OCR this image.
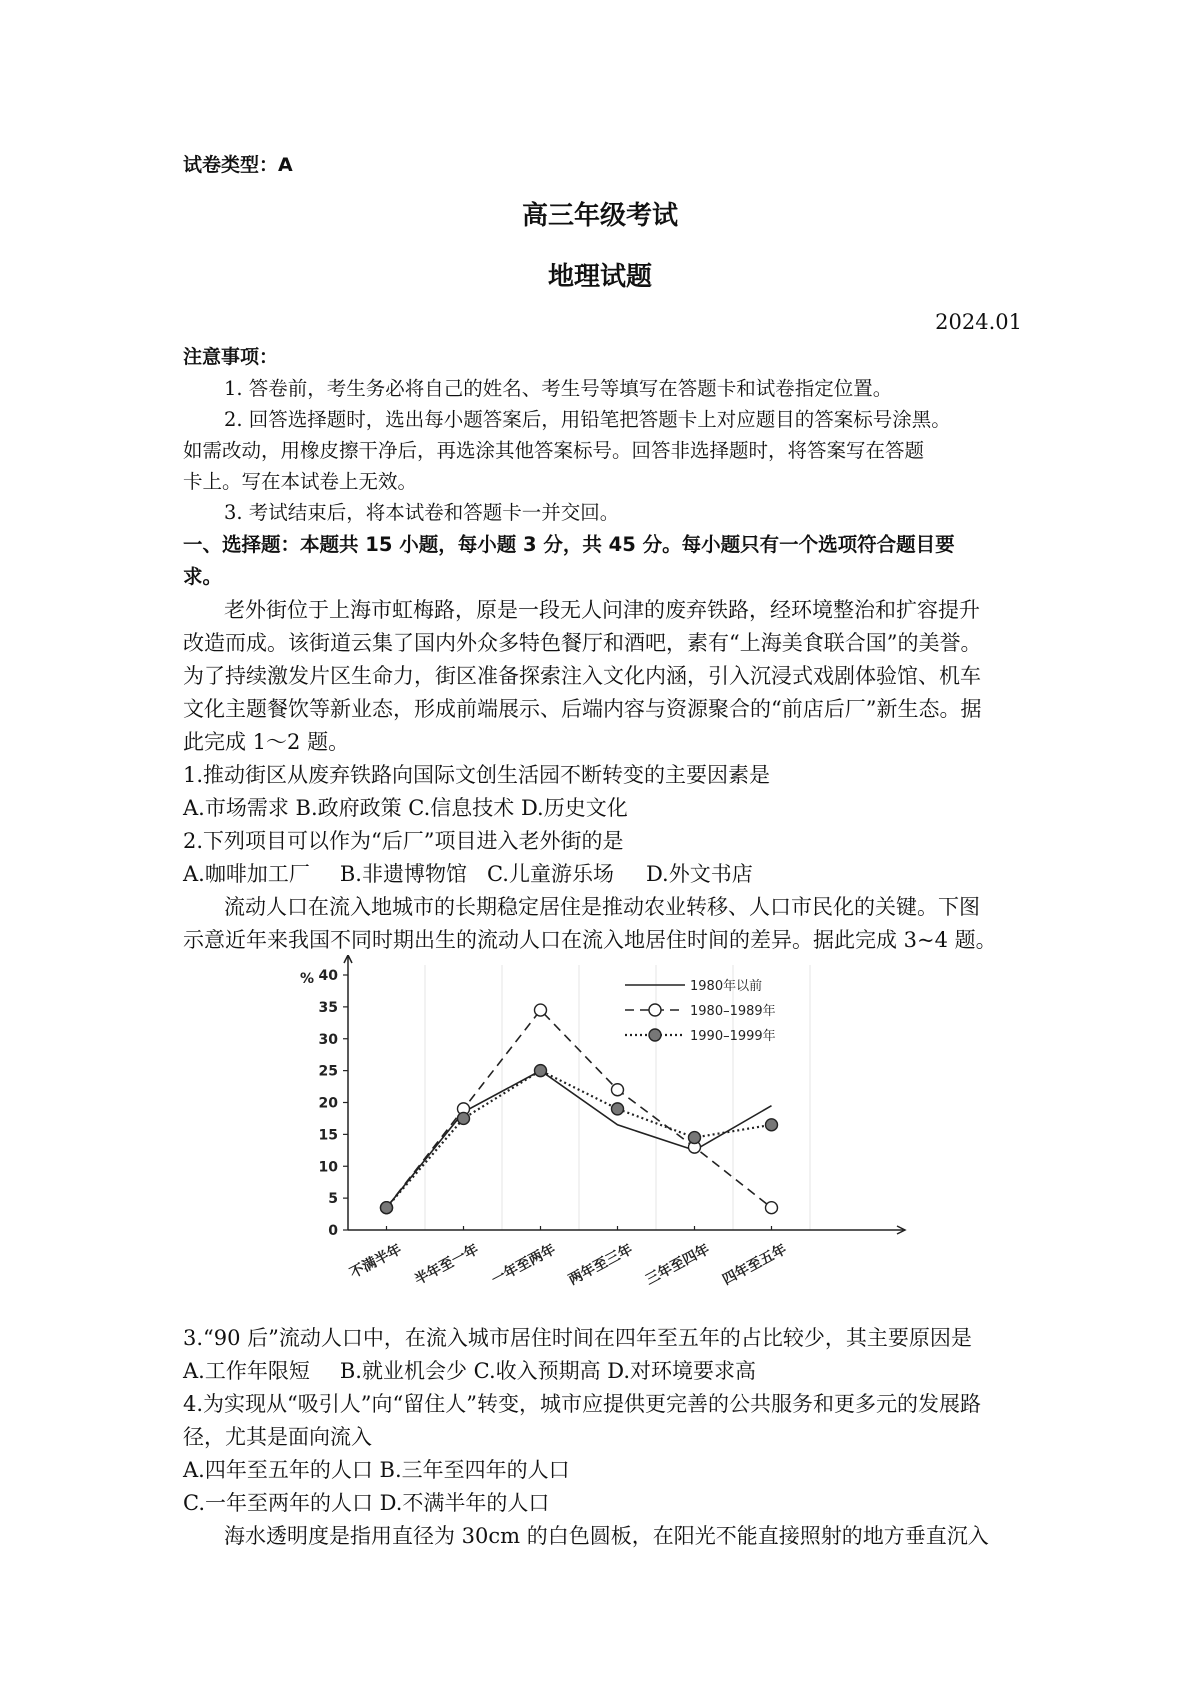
试卷类型：A
高三年级考试
地理试题
2024.01
注意事项：
1. 答卷前，考生务必将自己的姓名、考生号等填写在答题卡和试卷指定位置。
2. 回答选择题时，选出每小题答案后，用铅笔把答题卡上对应题目的答案标号涂黑。
如需改动，用橡皮擦干净后，再选涂其他答案标号。回答非选择题时，将答案写在答题
卡上。写在本试卷上无效。
3. 考试结束后，将本试卷和答题卡一并交回。
一、选择题：本题共 15 小题，每小题 3 分，共 45 分。每小题只有一个选项符合题目要
求。
老外街位于上海市虹梅路，原是一段无人问津的废弃铁路，经环境整治和扩容提升
改造而成。该街道云集了国内外众多特色餐厅和酒吧，素有“上海美食联合国”的美誉。
为了持续激发片区生命力，街区准备探索注入文化内涵，引入沉浸式戏剧体验馆、机车
文化主题餐饮等新业态，形成前端展示、后端内容与资源聚合的“前店后厂”新生态。据
此完成 1～2 题。
1.推动街区从废弃铁路向国际文创生活园不断转变的主要因素是
A.市场需求 B.政府政策 C.信息技术 D.历史文化
2.下列项目可以作为“后厂”项目进入老外街的是
A.咖啡加工厂 B.非遗博物馆 C.儿童游乐场 D.外文书店
流动人口在流入地城市的长期稳定居住是推动农业转移、人口市民化的关键。下图
示意近年来我国不同时期出生的流动人口在流入地居住时间的差异。据此完成 3~4 题。
%
0
5
10
15
20
25
30
35
40
不满半年 半年至一年 一年至两年 两年至三年 三年至四年 四年至五年
1980年以前
1980–1989年
1990–1999年
3.“90 后”流动人口中，在流入城市居住时间在四年至五年的占比较少，其主要原因是
A.工作年限短 B.就业机会少 C.收入预期高 D.对环境要求高
4.为实现从“吸引人”向“留住人”转变，城市应提供更完善的公共服务和更多元的发展路
径，尤其是面向流入
A.四年至五年的人口 B.三年至四年的人口
C.一年至两年的人口 D.不满半年的人口
海水透明度是指用直径为 30cm 的白色圆板，在阳光不能直接照射的地方垂直沉入
